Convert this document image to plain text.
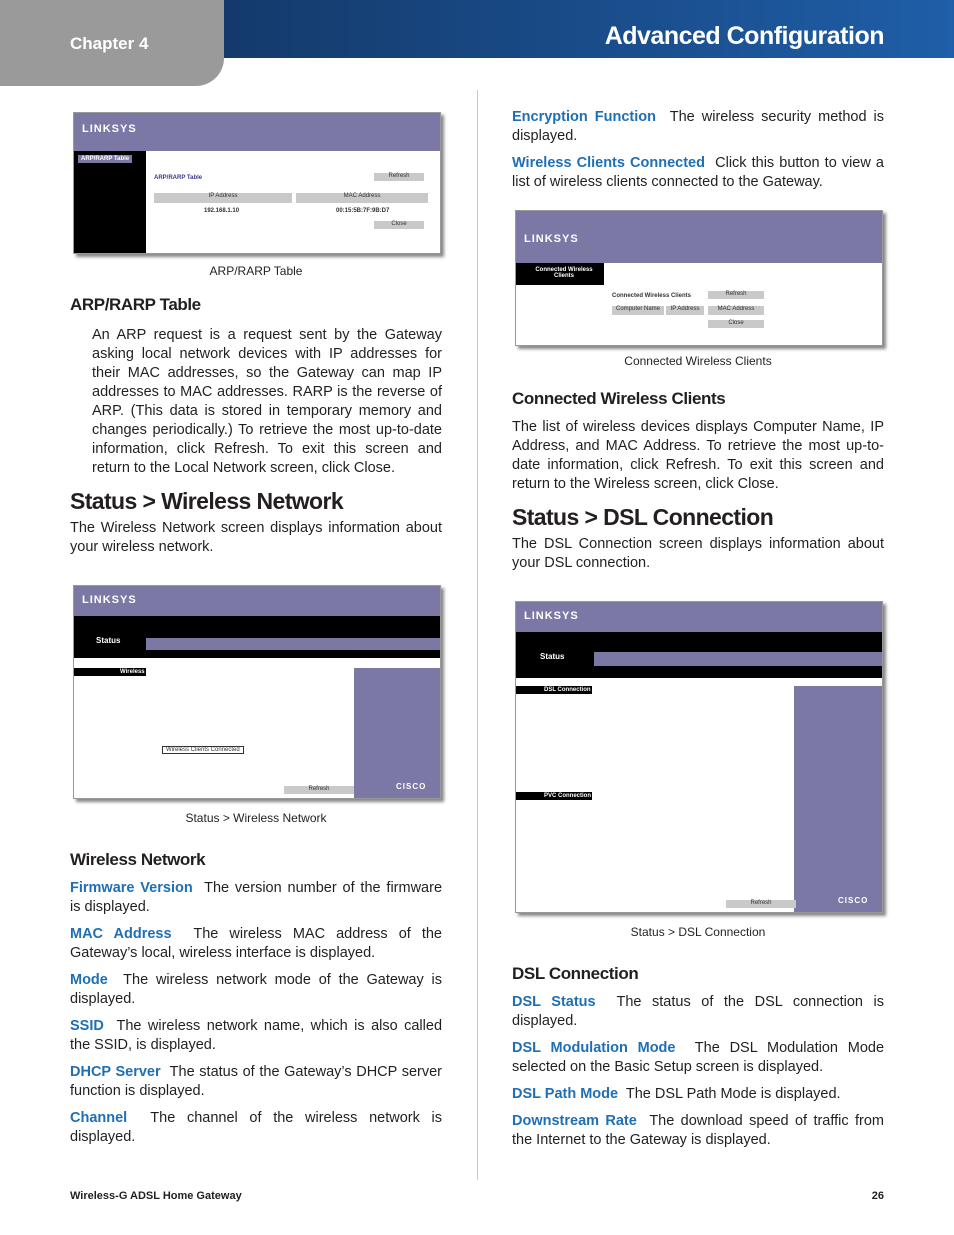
Chapter 4	Advanced Configuration
LINKSYS
ARP/RARP Table
ARP/RARP Table	Refresh
IP Address	MAC Address
192.168.1.10	00:15:5B:7F:9B:D7
Close
ARP/RARP Table
ARP/RARP Table

An ARP request is a request sent by the Gateway asking local network devices with IP addresses for their MAC addresses, so the Gateway can map IP addresses to MAC addresses. RARP is the reverse of ARP. (This data is stored in temporary memory and changes periodically.) To retrieve the most up-to-date information, click Refresh. To exit this screen and return to the Local Network screen, click Close.

Status > Wireless Network

The Wireless Network screen displays information about your wireless network.

LINKSYS
Status
Wireless
Wireless Clients Connected
Refresh	CISCO
Status > Wireless Network
Wireless Network

Firmware Version The version number of the firmware is displayed.

MAC Address The wireless MAC address of the Gateway’s local, wireless interface is displayed.

Mode The wireless network mode of the Gateway is displayed.

SSID The wireless network name, which is also called the SSID, is displayed.

DHCP Server The status of the Gateway’s DHCP server function is displayed.

Channel The channel of the wireless network is displayed.

Encryption Function The wireless security method is displayed.

Wireless Clients Connected Click this button to view a list of wireless clients connected to the Gateway.

LINKSYS
Connected Wireless Clients
Connected Wireless Clients	Refresh
Computer Name	IP Address	MAC Address
Close
Connected Wireless Clients
Connected Wireless Clients

The list of wireless devices displays Computer Name, IP Address, and MAC Address. To retrieve the most up-to-date information, click Refresh. To exit this screen and return to the Wireless screen, click Close.

Status > DSL Connection

The DSL Connection screen displays information about your DSL connection.

LINKSYS
Status
DSL Connection
PVC Connection
Refresh	CISCO
Status > DSL Connection
DSL Connection

DSL Status The status of the DSL connection is displayed.

DSL Modulation Mode The DSL Modulation Mode selected on the Basic Setup screen is displayed.

DSL Path Mode The DSL Path Mode is displayed.

Downstream Rate The download speed of traffic from the Internet to the Gateway is displayed.

Wireless-G ADSL Home Gateway	26
